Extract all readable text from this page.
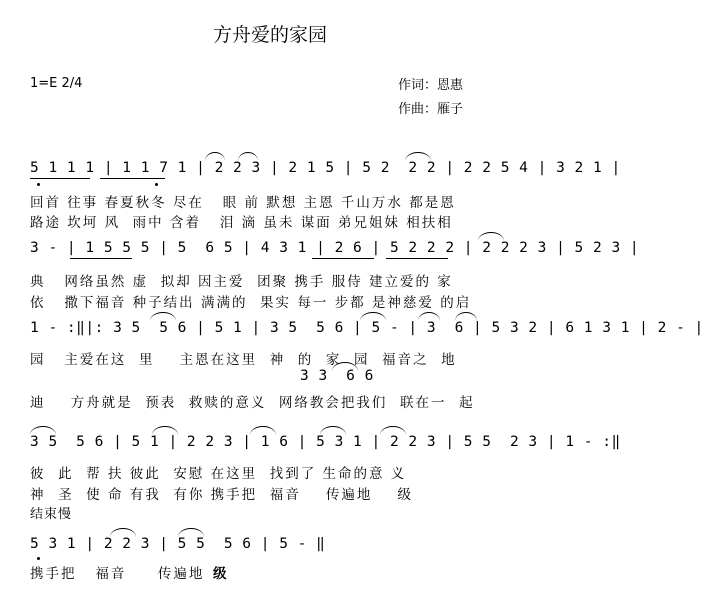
方舟爱的家园
1=E 2/4	作词：恩惠
作曲：雁子
5 1 1 1 | 1 1 7 1 | 2 2 3 | 2 1 5 | 5 2  2 2 | 2 2 5 4 | 3 2 1 |
回首 往事 春夏秋冬 尽在   眼 前 默想 主恩 千山万水 都是恩
路途 坎坷 风  雨中 含着   泪 滴 虽未 谋面 弟兄姐妹 相扶相
3 - | 1 5 5 5 | 5  6 5 | 4 3 1 | 2 6 | 5 2 2 2 | 2 2 2 3 | 5 2 3 |
典   网络虽然 虚  拟却 因主爱  团聚 携手 服侍 建立爱的 家
依   撒下福音 种子结出 满满的  果实 每一 步都 是神慈爱 的启
1 - :‖|: 3 5  5 6 | 5 1 | 3 5  5 6 | 5 - | 3  6 | 5 3 2 | 6 1 3 1 | 2 - |
园   主爱在这  里    主恩在这里  神  的  家  园  福音之  地
3 3  6 6
迪    方舟就是  预表  救赎的意义  网络教会把我们  联在一  起
3 5  5 6 | 5 1 | 2 2 3 | 1 6 | 5 3 1 | 2 2 3 | 5 5  2 3 | 1 - :‖
彼  此  帮 扶 彼此  安慰 在这里  找到了 生命的意 义
神  圣  使 命 有我  有你 携手把  福音    传遍地    级
结束慢
5 3 1 | 2 2 3 | 5 5  5 6 | 5 - ‖
携手把   福音     传遍地 级
